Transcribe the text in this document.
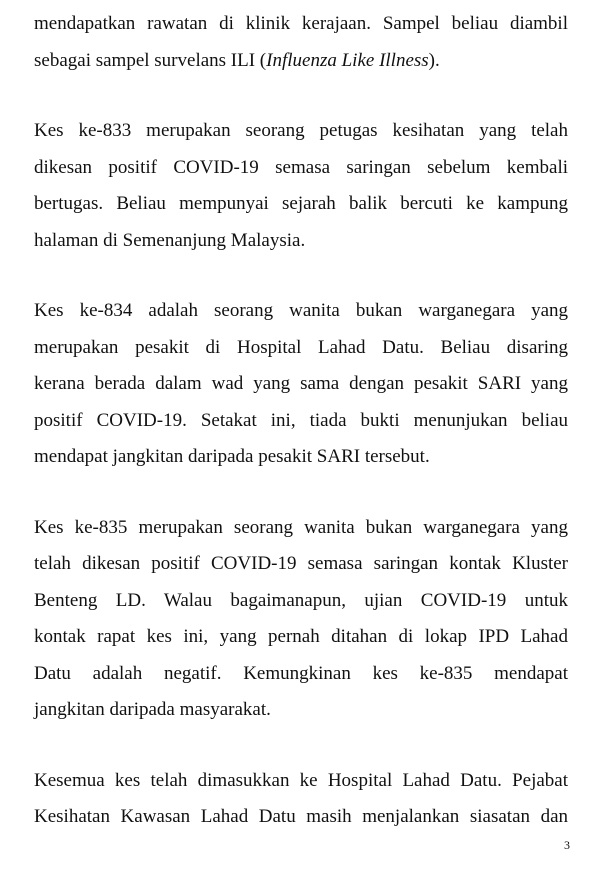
mendapatkan rawatan di klinik kerajaan. Sampel beliau diambil
sebagai sampel survelans ILI (Influenza Like Illness).
Kes ke-833 merupakan seorang petugas kesihatan yang telah
dikesan positif COVID-19 semasa saringan sebelum kembali
bertugas. Beliau mempunyai sejarah balik bercuti ke kampung
halaman di Semenanjung Malaysia.
Kes ke-834 adalah seorang wanita bukan warganegara yang
merupakan pesakit di Hospital Lahad Datu. Beliau disaring
kerana berada dalam wad yang sama dengan pesakit SARI yang
positif COVID-19. Setakat ini, tiada bukti menunjukan beliau
mendapat jangkitan daripada pesakit SARI tersebut.
Kes ke-835 merupakan seorang wanita bukan warganegara yang
telah dikesan positif COVID-19 semasa saringan kontak Kluster
Benteng LD. Walau bagaimanapun, ujian COVID-19 untuk
kontak rapat kes ini, yang pernah ditahan di lokap IPD Lahad
Datu adalah negatif. Kemungkinan kes ke-835 mendapat
jangkitan daripada masyarakat.
Kesemua kes telah dimasukkan ke Hospital Lahad Datu. Pejabat
Kesihatan Kawasan Lahad Datu masih menjalankan siasatan dan
3
